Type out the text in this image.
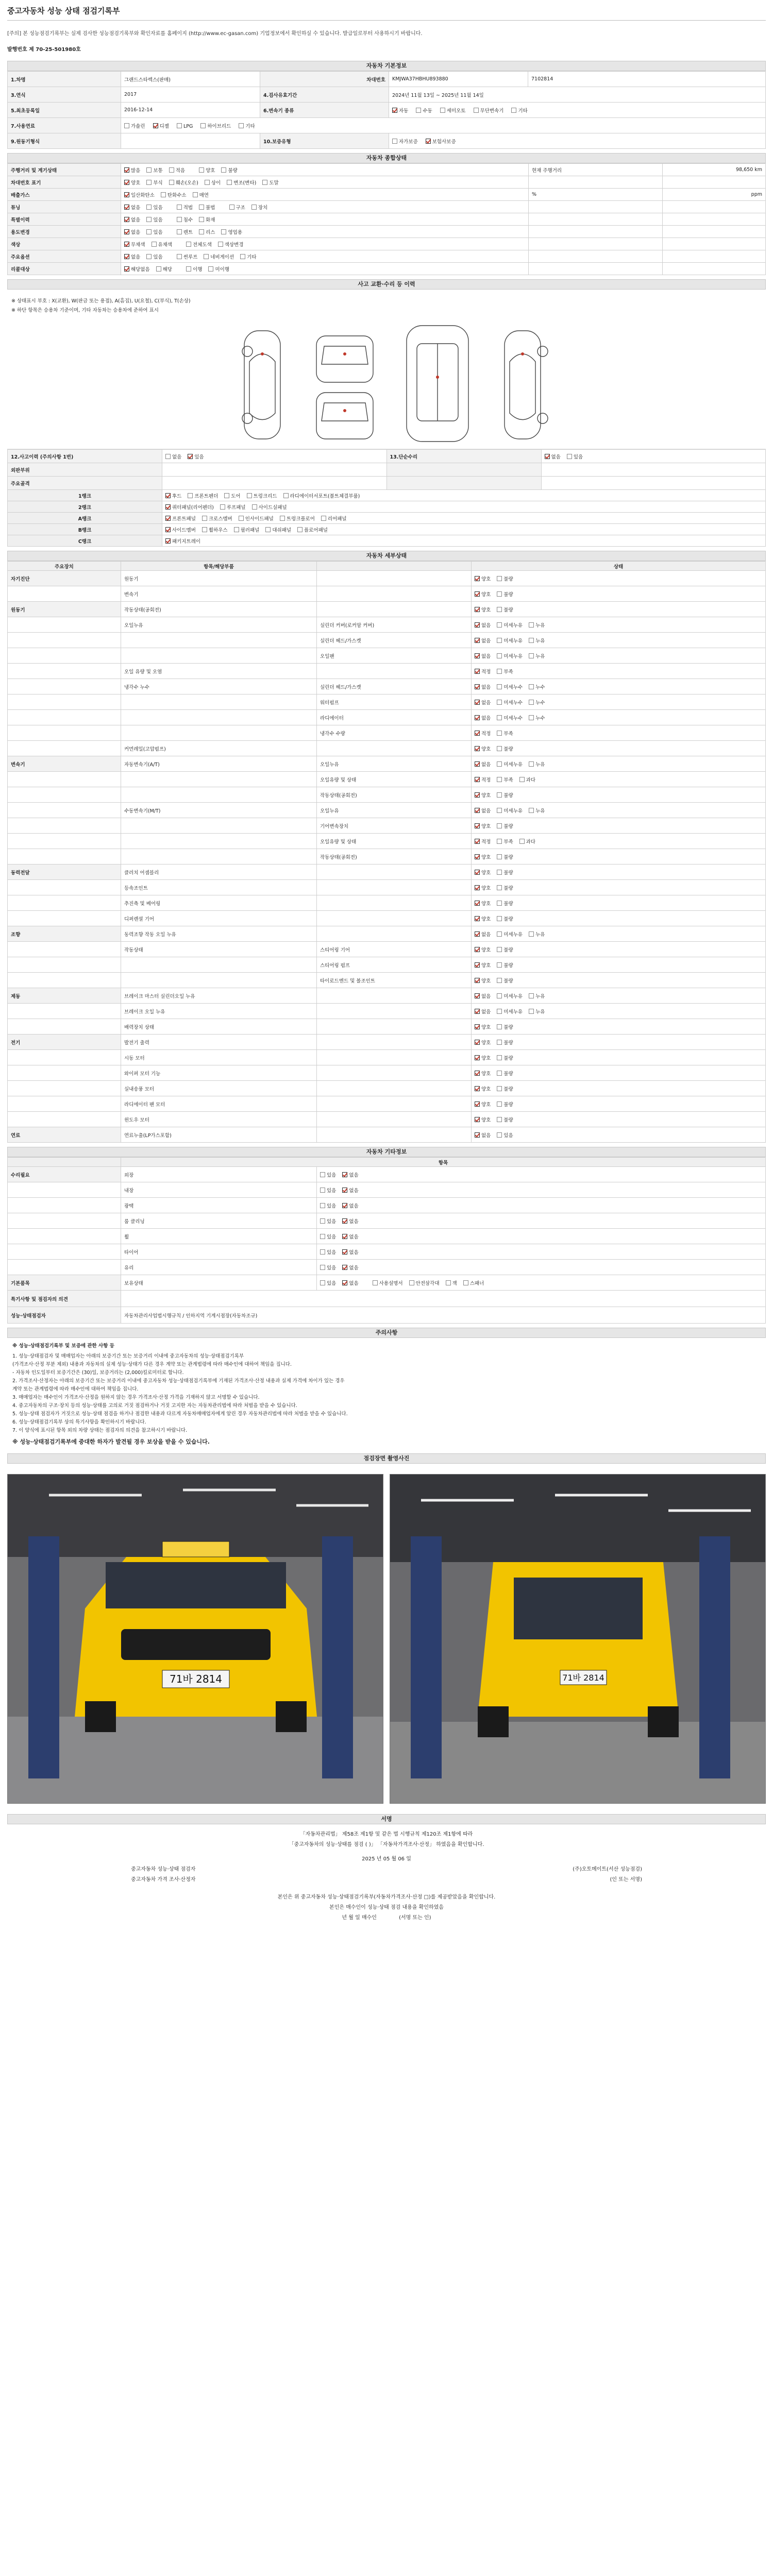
중고자동차 성능 상태 점검기록부
[주의] 본 성능점검기록부는 실제 검사한 성능점검기록부와 확인자료를 홈페이지 (http://www.ec-gasan.com) 기업정보에서 확인하실 수 있습니다. 발급일로부터 사용하시기 바랍니다.
발행번호 제 70-25-501980호
자동차 기본정보
1.차명	그랜드스타렉스(판매)	차대번호	KMJWA37HBHU893880	7102814
3.연식	2017	4.검사유효기간	2024년 11월 13일 ~ 2025년 11월 14일	
5.최초등록일	2016-12-14	6.변속기 종류	자동 수동 세미오토 무단변속기 기타	
7.사용연료	가솔린 디젤 LPG 하이브리드 기타			
9.원동기형식		10.보증유형	자가보증 보험사보증	
자동차 종합상태
주행거리 및 계기상태	많음 보통 적음 양호 불량	현재 주행거리	98,650 km
차대번호 표기	양호 부식 훼손(오손) 상이 변조(변타) 도말		
배출가스	일산화탄소 탄화수소 매연	%	ppm
튜닝	없음 있음 적법 불법 구조 장치		
특별이력	없음 있음 침수 화재		
용도변경	없음 있음 렌트 리스 영업용		
색상	무채색 유채색 전체도색 색상변경		
주요옵션	없음 있음 썬루프 네비게이션 기타		
리콜대상	해당없음 해당 이행 미이행		
사고 교환·수리 등 이력
※ 상태표시 부호 : X(교환), W(판금 또는 용접), A(흠집), U(요철), C(부식), T(손상)
※ 하단 항목은 승용차 기준이며, 기타 자동차는 승용차에 준하여 표시
12.사고이력 (주의사항 1번)	없음 있음	13.단순수리	없음 있음
외판부위			
주요골격			
1랭크	후드 프론트펜더 도어 트렁크리드 라디에이터서포트(볼트체결부품)		
2랭크	쿼터패널(리어펜더) 루프패널 사이드실패널		
A랭크	프론트패널 크로스멤버 인사이드패널 트렁크플로어 리어패널		
B랭크	사이드멤버 휠하우스 필러패널 대쉬패널 플로어패널		
C랭크	패키지트레이		
자동차 세부상태
주요장치	항목/해당부품		상태
자기진단	원동기		양호 불량
	변속기		양호 불량
원동기	작동상태(공회전)		양호 불량
	오일누유	실린더 커버(로커암 커버)	없음 미세누유 누유
		실린더 헤드/가스켓	없음 미세누유 누유
		오일팬	없음 미세누유 누유
	오일 유량 및 오염		적정 부족
	냉각수 누수	실린더 헤드/가스켓	없음 미세누수 누수
		워터펌프	없음 미세누수 누수
		라디에이터	없음 미세누수 누수
		냉각수 수량	적정 부족
	커먼레일(고압펌프)		양호 불량
변속기	자동변속기(A/T)	오일누유	없음 미세누유 누유
		오일유량 및 상태	적정 부족 과다
		작동상태(공회전)	양호 불량
	수동변속기(M/T)	오일누유	없음 미세누유 누유
		기어변속장치	양호 불량
		오일유량 및 상태	적정 부족 과다
		작동상태(공회전)	양호 불량
동력전달	클러치 어셈블리		양호 불량
	등속조인트		양호 불량
	추진축 및 베어링		양호 불량
	디퍼렌셜 기어		양호 불량
조향	동력조향 작동 오일 누유		없음 미세누유 누유
	작동상태	스티어링 기어	양호 불량
		스티어링 펌프	양호 불량
		타이로드엔드 및 볼조인트	양호 불량
제동	브레이크 마스터 실린더오일 누유		없음 미세누유 누유
	브레이크 오일 누유		없음 미세누유 누유
	배력장치 상태		양호 불량
전기	발전기 출력		양호 불량
	시동 모터		양호 불량
	와이퍼 모터 기능		양호 불량
	실내송풍 모터		양호 불량
	라디에이터 팬 모터		양호 불량
	윈도우 모터		양호 불량
연료	연료누출(LP가스포함)		없음 있음
자동차 기타정보
	항목	
수리필요	외장	있음 없음
	내장	있음 없음
	광택	있음 없음
	룸 클리닝	있음 없음
	휠	있음 없음
	타이어	있음 없음
	유리	있음 없음
기본품목	보유상태	있음 없음 사용설명서 안전삼각대 잭 스패너
특기사항 및 점검자의 의견		
성능·상태점검자	자동차관리사업법시행규칙 / 인하지역 기계시점장(자동차조규)	
주의사항
※ 성능·상태점검기록부 및 보증에 관한 사항 등
1. 성능·상태점검자 및 매매업자는 아래의 보증기간 또는 보증거리 이내에 중고자동차의 성능·상태점검기록부
(가격조사·산정 부분 제외) 내용과 자동차의 실제 성능·상태가 다른 경우 계약 또는 관계법령에 따라 매수인에 대하여 책임을 집니다.
- 자동차 인도일부터 보증기간은 (30)일, 보증거리는 (2,000)킬로미터로 합니다.
2. 가격조사·산정자는 아래의 보증기간 또는 보증거리 이내에 중고자동차 성능·상태점검기록부에 기재된 가격조사·산정 내용과 실제 가격에 차이가 있는 경우
계약 또는 관계법령에 따라 매수인에 대하여 책임을 집니다.
3. 매매업자는 매수인이 가격조사·산정을 원하지 않는 경우 가격조사·산정 가격을 기재하지 않고 서명할 수 있습니다.
4. 중고자동차의 구조·장치 등의 성능·상태를 고의로 거짓 점검하거나 거짓 고지한 자는 자동차관리법에 따라 처벌을 받을 수 있습니다.
5. 성능·상태 점검자가 거짓으로 성능·상태 점검을 하거나 점검한 내용과 다르게 자동차매매업자에게 알린 경우 자동차관리법에 따라 처벌을 받을 수 있습니다.
6. 성능·상태점검기록부 상의 특기사항을 확인하시기 바랍니다.
7. 이 양식에 표시된 항목 외의 차량 상태는 점검자의 의견을 참고하시기 바랍니다.
※ 성능·상태점검기록부에 중대한 하자가 발견될 경우 보상을 받을 수 있습니다.
점검장면 촬영사진
71바 2814	71바 2814
서명
「자동차관리법」 제58조 제1항 및 같은 법 시행규칙 제120조 제1항에 따라
「중고자동차의 성능·상태를 점검 ( )」 「자동차가격조사·산정」 하였음을 확인합니다.
2025 년 05 월 06 일
중고자동차 성능·상태 점검자	(주)오토메이트(서산 성능점검)
중고자동차 가격 조사·산정자	(인 또는 서명)
본인은 위 중고자동차 성능·상태점검기록부(자동차가격조사·산정 □)를 제공받았음을 확인합니다.
본인은 매수인이 성능·상태 점검 내용을 확인하였음
년 월 일 매수인	(서명 또는 인)
